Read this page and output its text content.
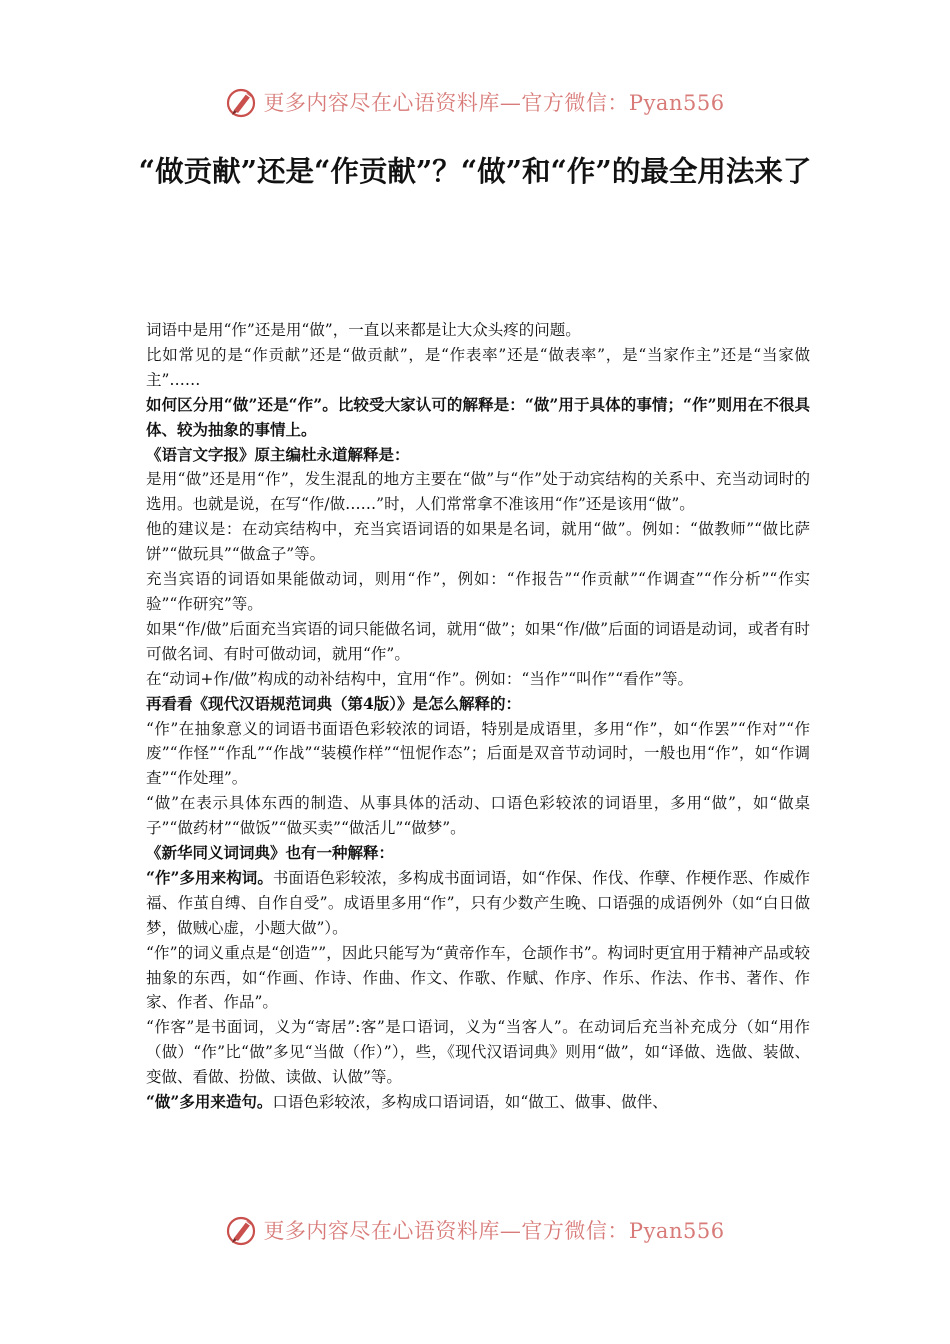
更多内容尽在心语资料库—官方微信：Pyan556
“做贡献”还是“作贡献”？“做”和“作”的最全用法来了

词语中是用“作”还是用“做”，一直以来都是让大众头疼的问题。

比如常见的是“作贡献”还是“做贡献”，是“作表率”还是“做表率”，是“当家作主”还是“当家做主”……

如何区分用“做”还是“作”。比较受大家认可的解释是：“做”用于具体的事情；“作”则用在不很具体、较为抽象的事情上。

《语言文字报》原主编杜永道解释是：

是用“做”还是用“作”，发生混乱的地方主要在“做”与“作”处于动宾结构的关系中、充当动词时的选用。也就是说，在写“作/做……”时，人们常常拿不准该用“作”还是该用“做”。

他的建议是：在动宾结构中，充当宾语词语的如果是名词，就用“做”。例如：“做教师”“做比萨饼”“做玩具”“做盒子”等。

充当宾语的词语如果能做动词，则用“作”，例如：“作报告”“作贡献”“作调查”“作分析”“作实验”“作研究”等。

如果“作/做”后面充当宾语的词只能做名词，就用“做”；如果“作/做”后面的词语是动词，或者有时可做名词、有时可做动词，就用“作”。

在“动词+作/做”构成的动补结构中，宜用“作”。例如：“当作”“叫作”“看作”等。

再看看《现代汉语规范词典（第4版）》是怎么解释的：

“作”在抽象意义的词语书面语色彩较浓的词语，特别是成语里，多用“作”，如“作罢”“作对”“作废”“作怪”“作乱”“作战”“装模作样”“忸怩作态”；后面是双音节动词时，一般也用“作”，如“作调查”“作处理”。

“做”在表示具体东西的制造、从事具体的活动、口语色彩较浓的词语里，多用“做”，如“做桌子”“做药材”“做饭”“做买卖”“做活儿”“做梦”。

《新华同义词词典》也有一种解释：

“作”多用来构词。书面语色彩较浓，多构成书面词语，如“作保、作伐、作孽、作梗作恶、作威作福、作茧自缚、自作自受”。成语里多用“作”，只有少数产生晚、口语强的成语例外（如“白日做梦，做贼心虚，小题大做”）。

“作”的词义重点是“创造””，因此只能写为“黄帝作车，仓颉作书”。构词时更宜用于精神产品或较抽象的东西，如“作画、作诗、作曲、作文、作歌、作赋、作序、作乐、作法、作书、著作、作家、作者、作品”。

“作客”是书面词，义为“寄居”:客”是口语词，义为“当客人”。在动词后充当补充成分（如“用作（做）“作”比“做”多见“当做（作）”），些，《现代汉语词典》则用“做”，如“译做、选做、装做、变做、看做、扮做、读做、认做”等。

“做”多用来造句。口语色彩较浓，多构成口语词语，如“做工、做事、做伴、

更多内容尽在心语资料库—官方微信：Pyan556
